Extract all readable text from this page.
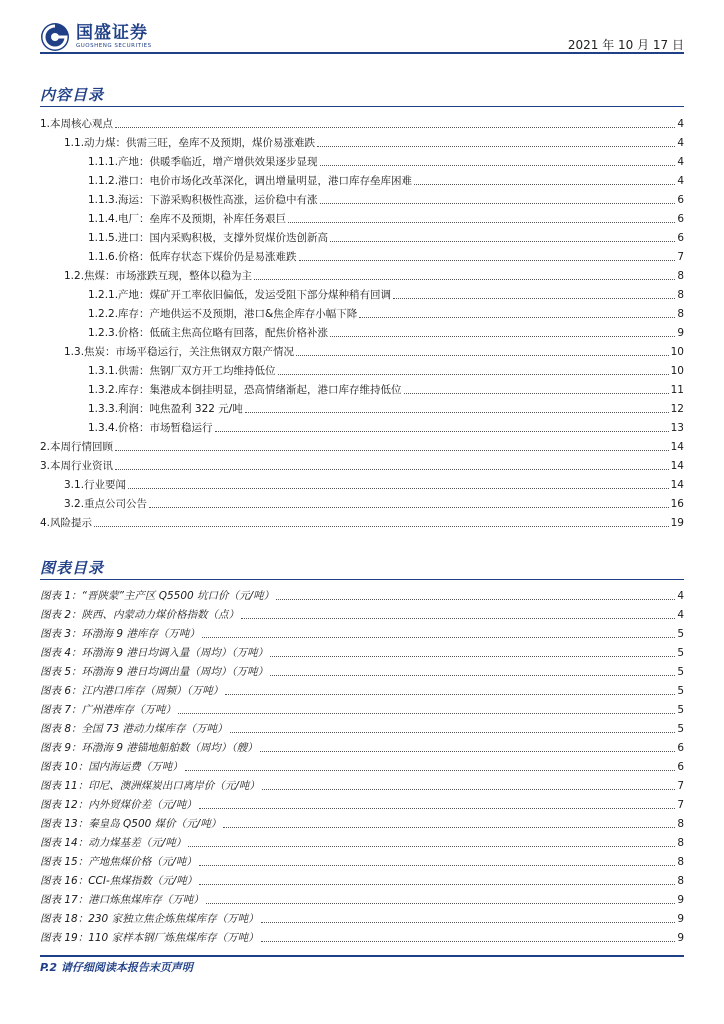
国盛证券
GUOSHENG SECURITIES	2021 年 10 月 17 日
内容目录
1.本周核心观点	4
1.1.动力煤：供需三旺，垒库不及预期，煤价易涨难跌	4
1.1.1.产地：供暖季临近，增产增供效果逐步显现	4
1.1.2.港口：电价市场化改革深化，调出增量明显，港口库存垒库困难	4
1.1.3.海运：下游采购积极性高涨，运价稳中有涨	6
1.1.4.电厂：垒库不及预期，补库任务艰巨	6
1.1.5.进口：国内采购积极，支撑外贸煤价迭创新高	6
1.1.6.价格：低库存状态下煤价仍是易涨难跌	7
1.2.焦煤：市场涨跌互现，整体以稳为主	8
1.2.1.产地：煤矿开工率依旧偏低，发运受阻下部分煤种稍有回调	8
1.2.2.库存：产地供运不及预期，港口&焦企库存小幅下降	8
1.2.3.价格：低硫主焦高位略有回落，配焦价格补涨	9
1.3.焦炭：市场平稳运行，关注焦钢双方限产情况	10
1.3.1.供需：焦钢厂双方开工均维持低位	10
1.3.2.库存：集港成本倒挂明显，恐高情绪渐起，港口库存维持低位	11
1.3.3.利润：吨焦盈利 322 元/吨	12
1.3.4.价格：市场暂稳运行	13
2.本周行情回顾	14
3.本周行业资讯	14
3.1.行业要闻	14
3.2.重点公司公告	16
4.风险提示	19
图表目录
图表 1：“晋陕蒙”主产区 Q5500 坑口价（元/吨）	4
图表 2：陕西、内蒙动力煤价格指数（点）	4
图表 3：环渤海 9 港库存（万吨）	5
图表 4：环渤海 9 港日均调入量（周均）（万吨）	5
图表 5：环渤海 9 港日均调出量（周均）（万吨）	5
图表 6：江内港口库存（周频）（万吨）	5
图表 7：广州港库存（万吨）	5
图表 8：全国 73 港动力煤库存（万吨）	5
图表 9：环渤海 9 港锚地船舶数（周均）（艘）	6
图表 10：国内海运费（万吨）	6
图表 11：印尼、澳洲煤炭出口离岸价（元/吨）	7
图表 12：内外贸煤价差（元/吨）	7
图表 13：秦皇岛 Q500 煤价（元/吨）	8
图表 14：动力煤基差（元/吨）	8
图表 15：产地焦煤价格（元/吨）	8
图表 16：CCI-焦煤指数（元/吨）	8
图表 17：港口炼焦煤库存（万吨）	9
图表 18：230 家独立焦企炼焦煤库存（万吨）	9
图表 19：110 家样本钢厂炼焦煤库存（万吨）	9
P.2 请仔细阅读本报告末页声明
